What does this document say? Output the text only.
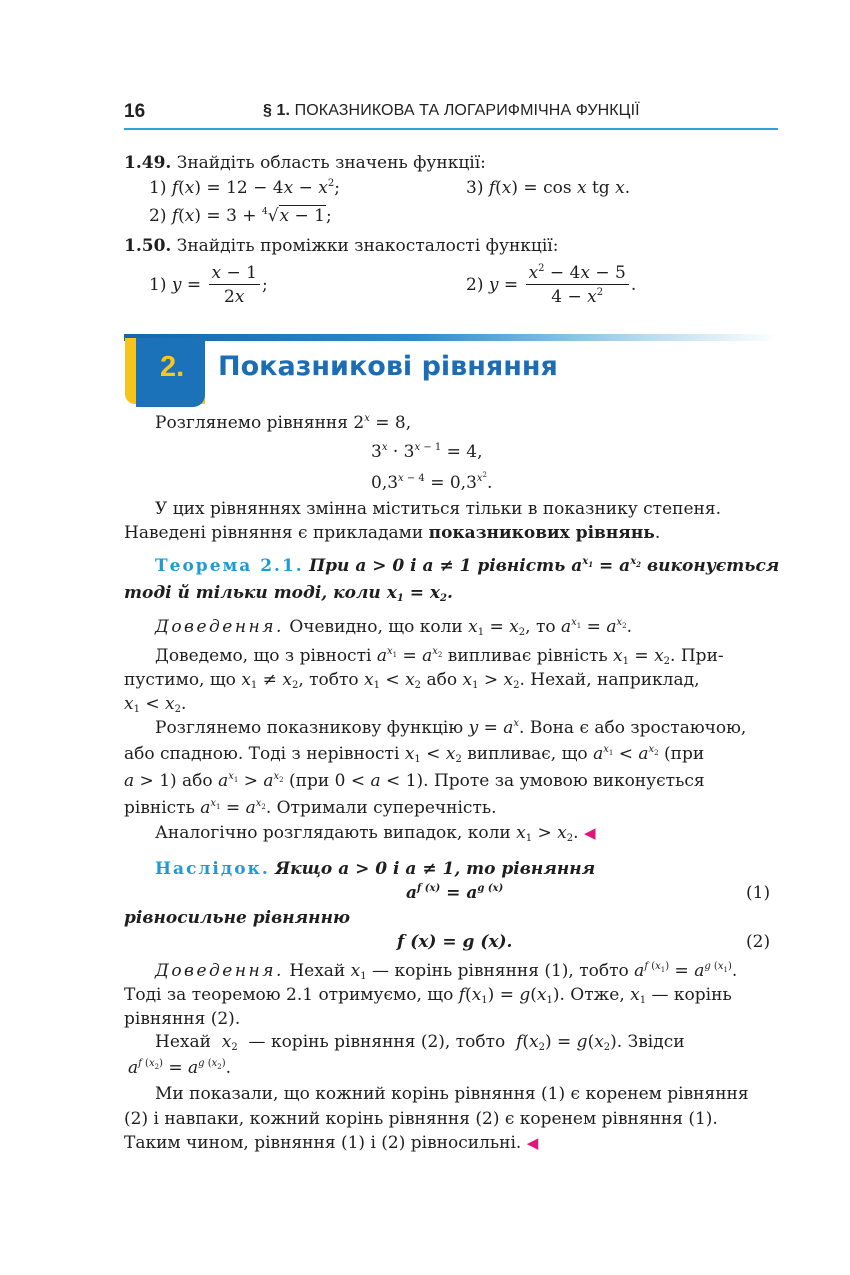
16	§ 1. ПОКАЗНИКОВА ТА ЛОГАРИФМІЧНА ФУНКЦІЇ
1.49. Знайдіть область значень функції:
1) $f(x) = 12 - 4x - x^2$;	3) f(x) = cos x tg x.
2) f(x) = 3 + $^4$√x − 1;
1.50. Знайдіть проміжки знакосталості функції:
1) $y = \frac{x - 1}{2x}$ ;	2) $y = \frac{x^2 - 4x - 5}{4 - x^2}$ .
2. Показникові рівняння
Розглянемо рівняння $2^x = 8$,
$3^x \cdot 3^{x - 1} = 4$,
$0,3^{x - 4} = 0,3^{x^2}$.
У цих рівняннях змінна міститься тільки в показнику степеня.
Наведені рівняння є прикладами показникових рівнянь.
Теорема 2.1. При a > 0 і a ≠ 1 рівність $a^{x_1} = a^{x_2}$ виконується
тоді й тільки тоді, коли $x_1 = x_2$.
Доведення. Очевидно, що коли $x_1 = x_2$, то $a^{x_1} = a^{x_2}$.
Доведемо, що з рівності $a^{x_1} = a^{x_2}$ випливає рівність $x_1 = x_2$. При-
пустимо, що $x_1 \ne x_2$, тобто $x_1 < x_2$ або $x_1 > x_2$. Нехай, наприклад,
$x_1 < x_2$.
Розглянемо показникову функцію $y = a^x$. Вона є або зростаючою,
або спадною. Тоді з нерівності $x_1 < x_2$ випливає, що $a^{x_1} < a^{x_2}$ (при
a > 1) або $a^{x_1} > a^{x_2}$ (при 0 < a < 1). Проте за умовою виконується
рівність $a^{x_1} = a^{x_2}$. Отримали суперечність.
Аналогічно розглядають випадок, коли $x_1 > x_2$. ◀
Наслідок. Якщо a > 0 і a ≠ 1, то рівняння
$a^{f (x)} = a^{g (x)}$	(1)
рівносильне рівнянню
f (x) = g (x).	(2)
Доведення. Нехай $x_1$ — корінь рівняння (1), тобто $a^{f (x_1)} = a^{g (x_1)}$.
Тоді за теоремою 2.1 отримуємо, що $f(x_1) = g(x_1)$. Отже, $x_1$ — корінь
рівняння (2).
Нехай $x_2$ — корінь рівняння (2), тобто $f(x_2) = g(x_2)$. Звідси
$a^{f (x_2)} = a^{g (x_2)}$.
Ми показали, що кожний корінь рівняння (1) є коренем рівняння
(2) і навпаки, кожний корінь рівняння (2) є коренем рівняння (1).
Таким чином, рівняння (1) і (2) рівносильні. ◀
